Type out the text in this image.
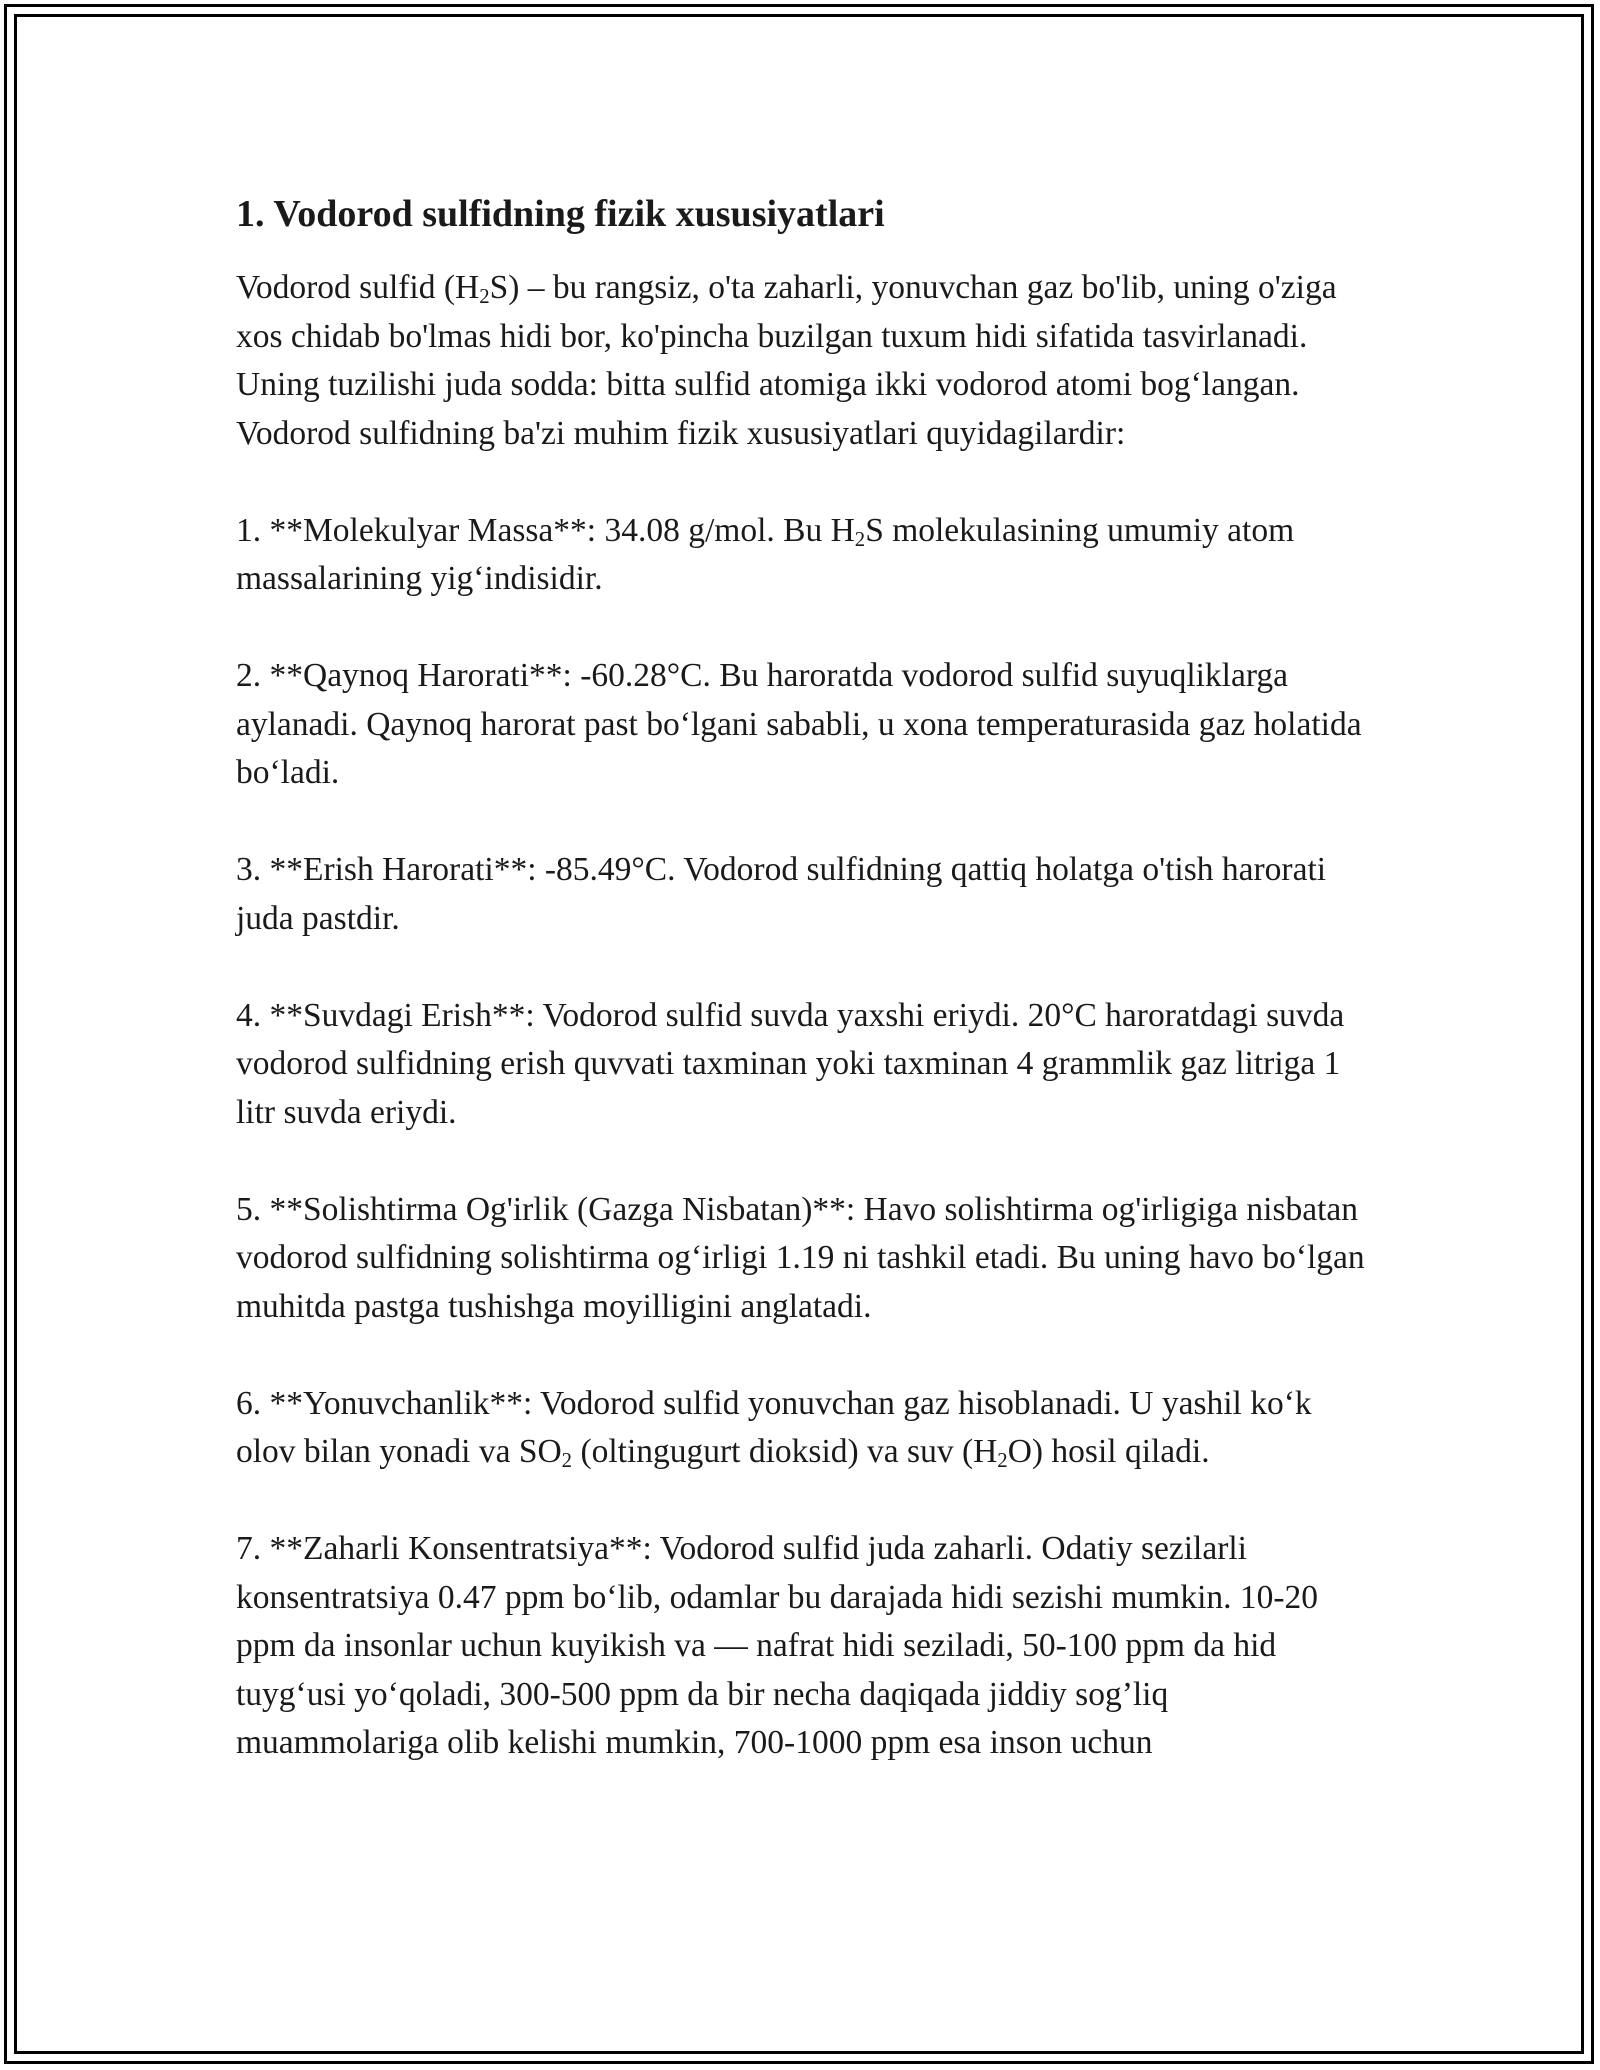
1. Vodorod sulfidning fizik xususiyatlari

Vodorod sulfid $(H_2S)$ – bu rangsiz, o'ta zaharli, yonuvchan gaz bo'lib, uning o'ziga xos chidab bo'lmas hidi bor, ko'pincha buzilgan tuxum hidi sifatida tasvirlanadi. Uning tuzilishi juda sodda: bitta sulfid atomiga ikki vodorod atomi bog‘langan. Vodorod sulfidning ba'zi muhim fizik xususiyatlari quyidagilardir:

1. **Molekulyar Massa**: 34.08 g/mol. Bu $H_2S$ molekulasining umumiy atom massalarining yig‘indisidir.

2. **Qaynoq Harorati**: -60.28°C. Bu haroratda vodorod sulfid suyuqliklarga aylanadi. Qaynoq harorat past bo‘lgani sababli, u xona temperaturasida gaz holatida bo‘ladi.

3. **Erish Harorati**: -85.49°C. Vodorod sulfidning qattiq holatga o'tish harorati juda pastdir.

4. **Suvdagi Erish**: Vodorod sulfid suvda yaxshi eriydi. 20°C haroratdagi suvda vodorod sulfidning erish quvvati taxminan yoki taxminan 4 grammlik gaz litriga 1 litr suvda eriydi.

5. **Solishtirma Og'irlik (Gazga Nisbatan)**: Havo solishtirma og'irligiga nisbatan vodorod sulfidning solishtirma og‘irligi 1.19 ni tashkil etadi. Bu uning havo bo‘lgan muhitda pastga tushishga moyilligini anglatadi.

6. **Yonuvchanlik**: Vodorod sulfid yonuvchan gaz hisoblanadi. U yashil ko‘k olov bilan yonadi va $SO_2$ (oltingugurt dioksid) va suv $(H_2O)$ hosil qiladi.

7. **Zaharli Konsentratsiya**: Vodorod sulfid juda zaharli. Odatiy sezilarli konsentratsiya 0.47 ppm bo‘lib, odamlar bu darajada hidi sezishi mumkin. 10-20 ppm da insonlar uchun kuyikish va — nafrat hidi seziladi, 50-100 ppm da hid tuyg‘usi yo‘qoladi, 300-500 ppm da bir necha daqiqada jiddiy sog’liq muammolariga olib kelishi mumkin, 700-1000 ppm esa inson uchun
